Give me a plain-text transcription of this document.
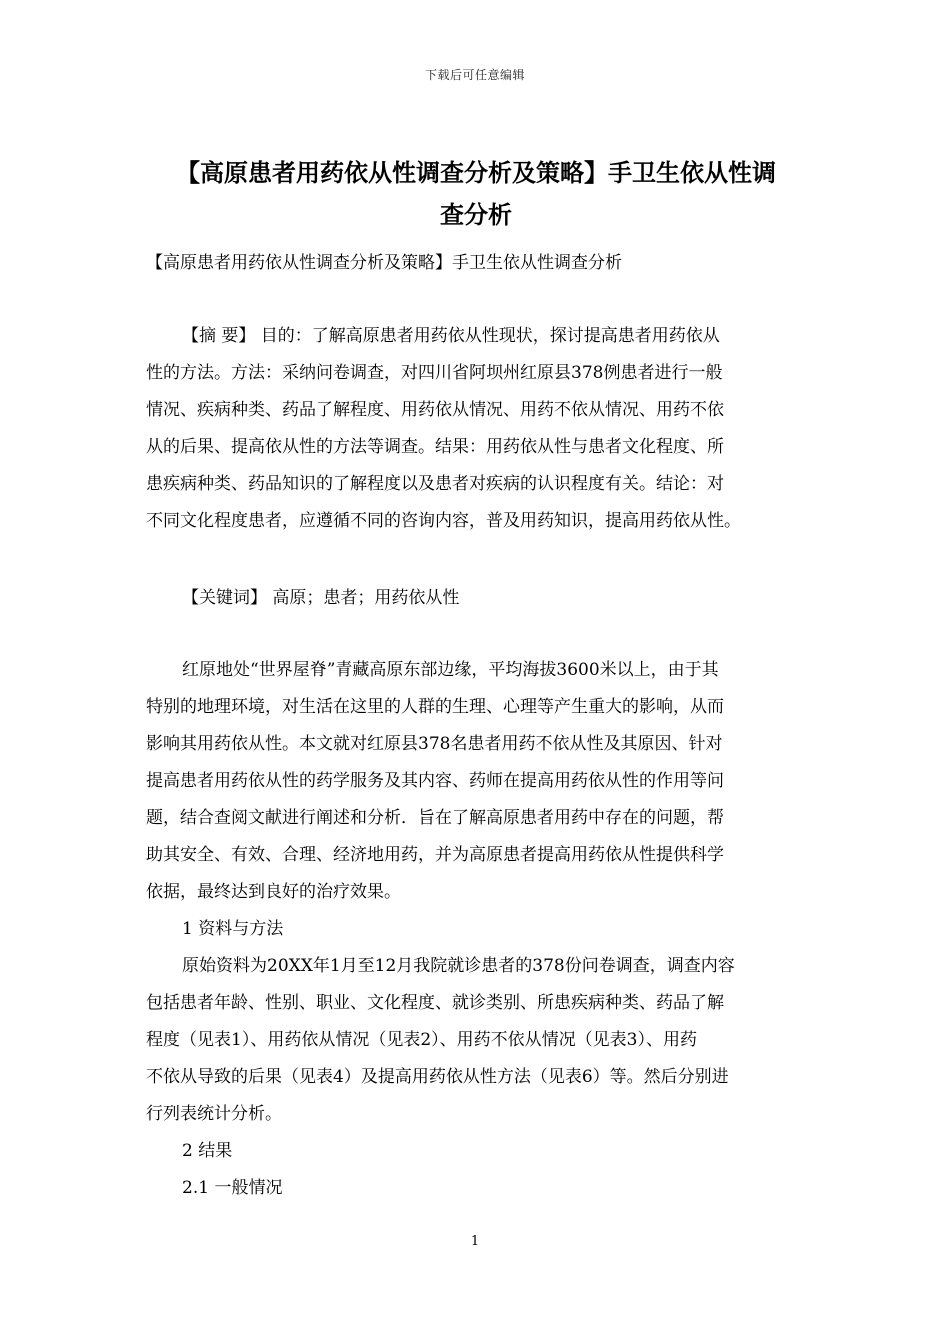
下载后可任意编辑
【高原患者用药依从性调查分析及策略】手卫生依从性调
查分析
【高原患者用药依从性调查分析及策略】手卫生依从性调查分析
【摘 要】 目的：了解高原患者用药依从性现状，探讨提高患者用药依从
性的方法。方法：采纳问卷调查，对四川省阿坝州红原县378例患者进行一般
情况、疾病种类、药品了解程度、用药依从情况、用药不依从情况、用药不依
从的后果、提高依从性的方法等调查。结果：用药依从性与患者文化程度、所
患疾病种类、药品知识的了解程度以及患者对疾病的认识程度有关。结论：对
不同文化程度患者，应遵循不同的咨询内容，普及用药知识，提高用药依从性。
【关键词】 高原；患者；用药依从性
红原地处“世界屋脊”青藏高原东部边缘，平均海拔3600米以上，由于其
特别的地理环境，对生活在这里的人群的生理、心理等产生重大的影响，从而
影响其用药依从性。本文就对红原县378名患者用药不依从性及其原因、针对
提高患者用药依从性的药学服务及其内容、药师在提高用药依从性的作用等问
题，结合查阅文献进行阐述和分析．旨在了解高原患者用药中存在的问题，帮
助其安全、有效、合理、经济地用药，并为高原患者提高用药依从性提供科学
依据，最终达到良好的治疗效果。
1 资料与方法
原始资料为20XX年1月至12月我院就诊患者的378份问卷调查，调查内容
包括患者年龄、性别、职业、文化程度、就诊类别、所患疾病种类、药品了解
程度（见表1）、用药依从情况（见表2）、用药不依从情况（见表3）、用药
不依从导致的后果（见表4）及提高用药依从性方法（见表6）等。然后分别进
行列表统计分析。
2 结果
2.1 一般情况
1
